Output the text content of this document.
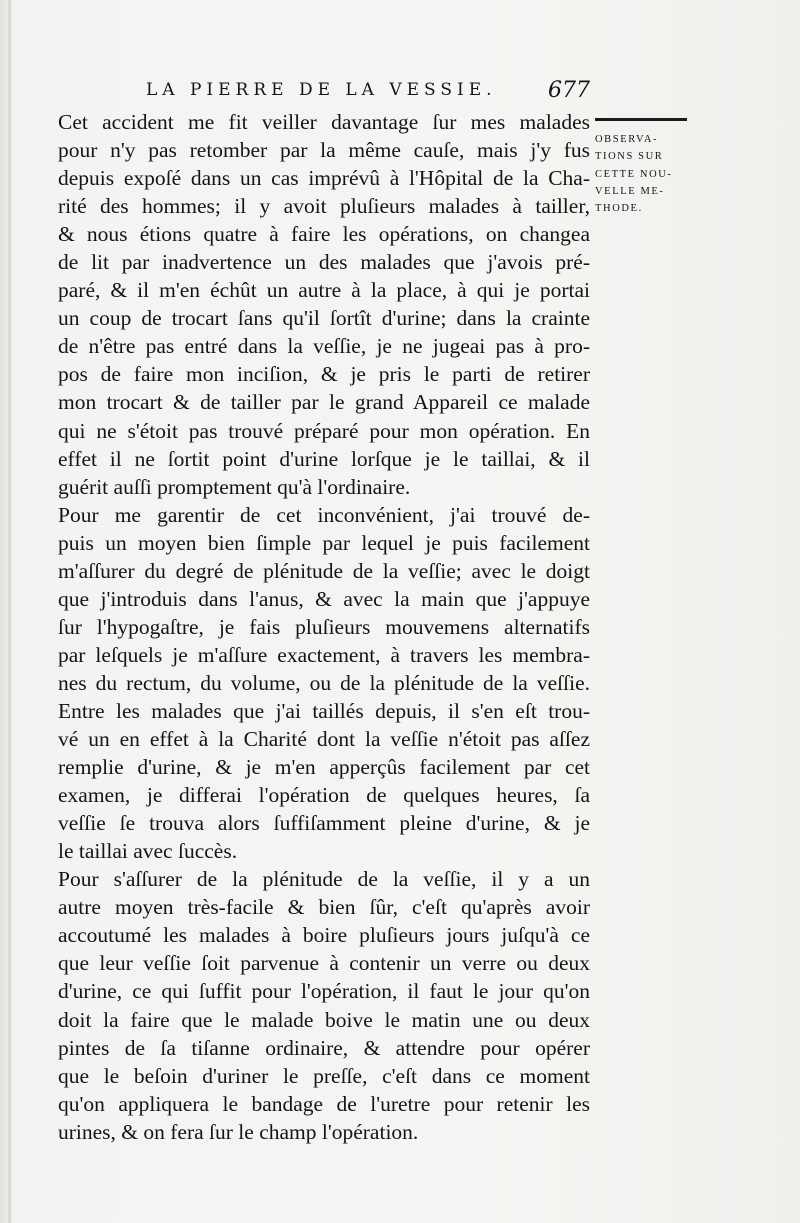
LA PIERRE DE LA VESSIE. 677
OBSERVA-
TIONS SUR
CETTE NOU-
VELLE ME-
THODE.
Cet accident me fit veiller davantage ſur mes malades
pour n'y pas retomber par la même cauſe, mais j'y fus
depuis expoſé dans un cas imprévû à l'Hôpital de la Cha-
rité des hommes; il y avoit pluſieurs malades à tailler,
& nous étions quatre à faire les opérations, on changea
de lit par inadvertence un des malades que j'avois pré-
paré, & il m'en échût un autre à la place, à qui je portai
un coup de trocart ſans qu'il ſortît d'urine; dans la crainte
de n'être pas entré dans la veſſie, je ne jugeai pas à pro-
pos de faire mon inciſion, & je pris le parti de retirer
mon trocart & de tailler par le grand Appareil ce malade
qui ne s'étoit pas trouvé préparé pour mon opération. En
effet il ne ſortit point d'urine lorſque je le taillai, & il
guérit auſſi promptement qu'à l'ordinaire.
Pour me garentir de cet inconvénient, j'ai trouvé de-
puis un moyen bien ſimple par lequel je puis facilement
m'aſſurer du degré de plénitude de la veſſie; avec le doigt
que j'introduis dans l'anus, & avec la main que j'appuye
ſur l'hypogaſtre, je fais pluſieurs mouvemens alternatifs
par leſquels je m'aſſure exactement, à travers les membra-
nes du rectum, du volume, ou de la plénitude de la veſſie.
Entre les malades que j'ai taillés depuis, il s'en eſt trou-
vé un en effet à la Charité dont la veſſie n'étoit pas aſſez
remplie d'urine, & je m'en apperçûs facilement par cet
examen, je differai l'opération de quelques heures, ſa
veſſie ſe trouva alors ſuffiſamment pleine d'urine, & je
le taillai avec ſuccès.
Pour s'aſſurer de la plénitude de la veſſie, il y a un
autre moyen très-facile & bien ſûr, c'eſt qu'après avoir
accoutumé les malades à boire pluſieurs jours juſqu'à ce
que leur veſſie ſoit parvenue à contenir un verre ou deux
d'urine, ce qui ſuffit pour l'opération, il faut le jour qu'on
doit la faire que le malade boive le matin une ou deux
pintes de ſa tiſanne ordinaire, & attendre pour opérer
que le beſoin d'uriner le preſſe, c'eſt dans ce moment
qu'on appliquera le bandage de l'uretre pour retenir les
urines, & on fera ſur le champ l'opération.
